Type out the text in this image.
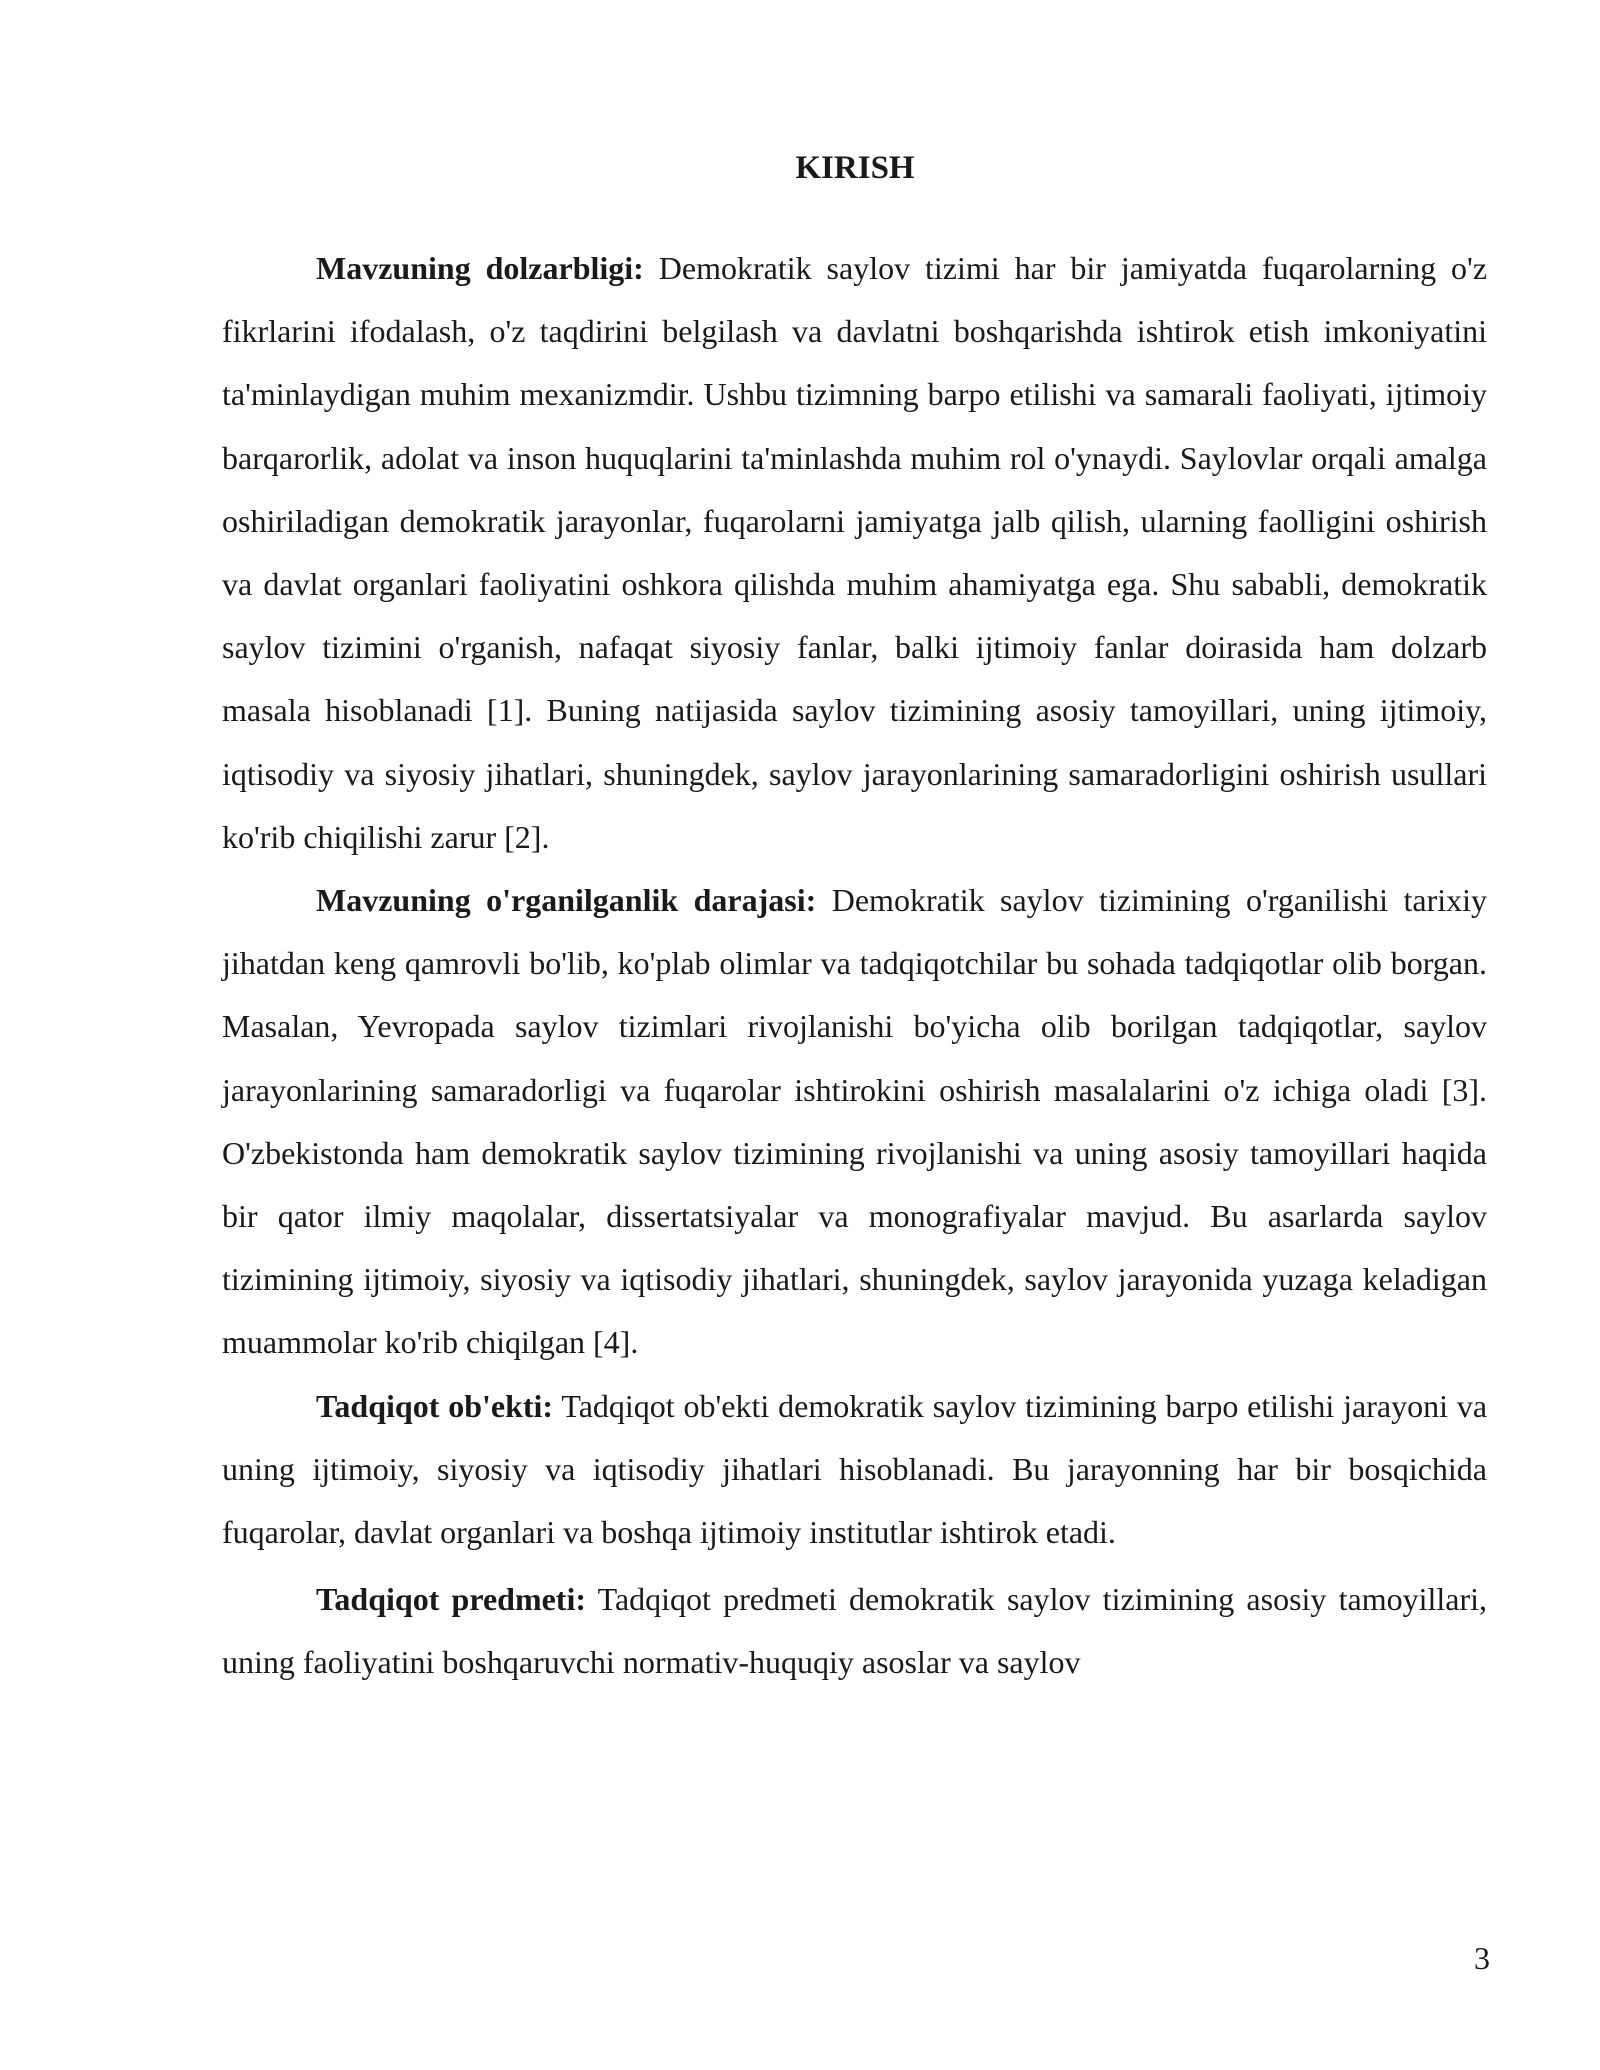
KIRISH

Mavzuning dolzarbligi: Demokratik saylov tizimi har bir jamiyatda fuqarolarning o'z fikrlarini ifodalash, o'z taqdirini belgilash va davlatni boshqarishda ishtirok etish imkoniyatini ta'minlaydigan muhim mexanizmdir. Ushbu tizimning barpo etilishi va samarali faoliyati, ijtimoiy barqarorlik, adolat va inson huquqlarini ta'minlashda muhim rol o'ynaydi. Saylovlar orqali amalga oshiriladigan demokratik jarayonlar, fuqarolarni jamiyatga jalb qilish, ularning faolligini oshirish va davlat organlari faoliyatini oshkora qilishda muhim ahamiyatga ega. Shu sababli, demokratik saylov tizimini o'rganish, nafaqat siyosiy fanlar, balki ijtimoiy fanlar doirasida ham dolzarb masala hisoblanadi [1]. Buning natijasida saylov tizimining asosiy tamoyillari, uning ijtimoiy, iqtisodiy va siyosiy jihatlari, shuningdek, saylov jarayonlarining samaradorligini oshirish usullari ko'rib chiqilishi zarur [2].

Mavzuning o'rganilganlik darajasi: Demokratik saylov tizimining o'rganilishi tarixiy jihatdan keng qamrovli bo'lib, ko'plab olimlar va tadqiqotchilar bu sohada tadqiqotlar olib borgan. Masalan, Yevropada saylov tizimlari rivojlanishi bo'yicha olib borilgan tadqiqotlar, saylov jarayonlarining samaradorligi va fuqarolar ishtirokini oshirish masalalarini o'z ichiga oladi [3]. O'zbekistonda ham demokratik saylov tizimining rivojlanishi va uning asosiy tamoyillari haqida bir qator ilmiy maqolalar, dissertatsiyalar va monografiyalar mavjud. Bu asarlarda saylov tizimining ijtimoiy, siyosiy va iqtisodiy jihatlari, shuningdek, saylov jarayonida yuzaga keladigan muammolar ko'rib chiqilgan [4].

Tadqiqot ob'ekti: Tadqiqot ob'ekti demokratik saylov tizimining barpo etilishi jarayoni va uning ijtimoiy, siyosiy va iqtisodiy jihatlari hisoblanadi. Bu jarayonning har bir bosqichida fuqarolar, davlat organlari va boshqa ijtimoiy institutlar ishtirok etadi.

Tadqiqot predmeti: Tadqiqot predmeti demokratik saylov tizimining asosiy tamoyillari, uning faoliyatini boshqaruvchi normativ-huquqiy asoslar va saylov

3
